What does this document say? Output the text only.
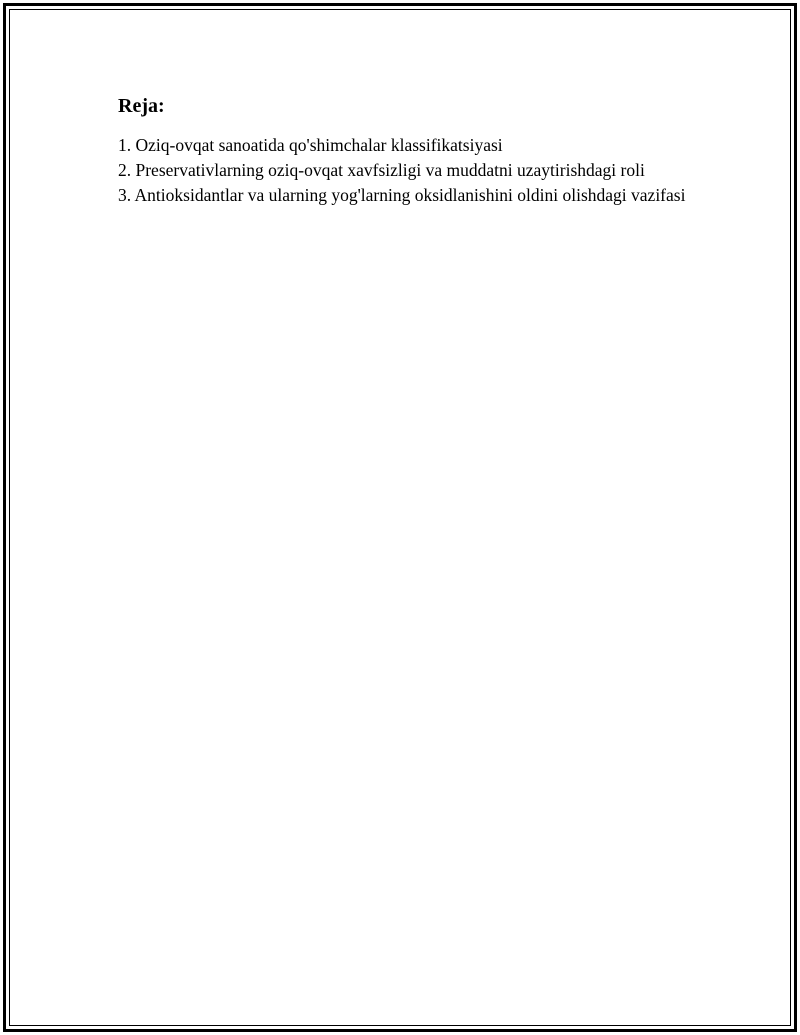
Reja:
1. Oziq-ovqat sanoatida qo'shimchalar klassifikatsiyasi
2. Preservativlarning oziq-ovqat xavfsizligi va muddatni uzaytirishdagi roli
3. Antioksidantlar va ularning yog'larning oksidlanishini oldini olishdagi vazifasi
